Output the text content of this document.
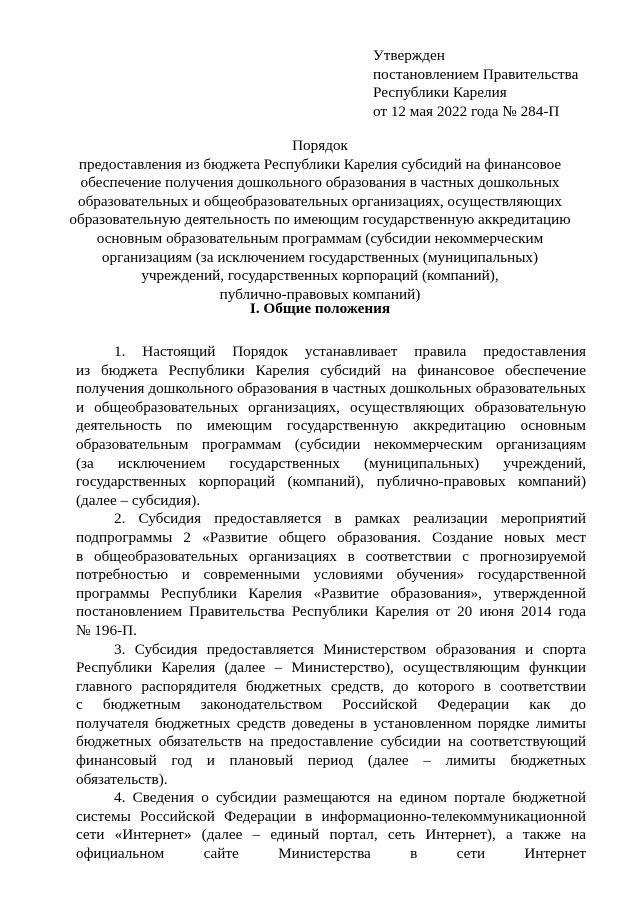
Утвержден
постановлением Правительства
Республики Карелия
от 12 мая 2022 года № 284-П
Порядок
предоставления из бюджета Республики Карелия субсидий на финансовое
обеспечение получения дошкольного образования в частных дошкольных
образовательных и общеобразовательных организациях, осуществляющих
образовательную деятельность по имеющим государственную аккредитацию
основным образовательным программам (субсидии некоммерческим
организациям (за исключением государственных (муниципальных)
учреждений, государственных корпораций (компаний),
публично-правовых компаний)
I. Общие положения
1. Настоящий Порядок устанавливает правила предоставления
из бюджета Республики Карелия субсидий на финансовое обеспечение
получения дошкольного образования в частных дошкольных образовательных
и общеобразовательных организациях, осуществляющих образовательную
деятельность по имеющим государственную аккредитацию основным
образовательным программам (субсидии некоммерческим организациям
(за исключением государственных (муниципальных) учреждений,
государственных корпораций (компаний), публично-правовых компаний)
(далее – субсидия).
2. Субсидия предоставляется в рамках реализации мероприятий
подпрограммы 2 «Развитие общего образования. Создание новых мест
в общеобразовательных организациях в соответствии с прогнозируемой
потребностью и современными условиями обучения» государственной
программы Республики Карелия «Развитие образования», утвержденной
постановлением Правительства Республики Карелия от 20 июня 2014 года
№ 196-П.
3. Субсидия предоставляется Министерством образования и спорта
Республики Карелия (далее – Министерство), осуществляющим функции
главного распорядителя бюджетных средств, до которого в соответствии
с бюджетным законодательством Российской Федерации как до
получателя бюджетных средств доведены в установленном порядке лимиты
бюджетных обязательств на предоставление субсидии на соответствующий
финансовый год и плановый период (далее – лимиты бюджетных
обязательств).
4. Сведения о субсидии размещаются на едином портале бюджетной
системы Российской Федерации в информационно-телекоммуникационной
сети «Интернет» (далее – единый портал, сеть Интернет), а также на
официальном сайте Министерства в сети Интернет
